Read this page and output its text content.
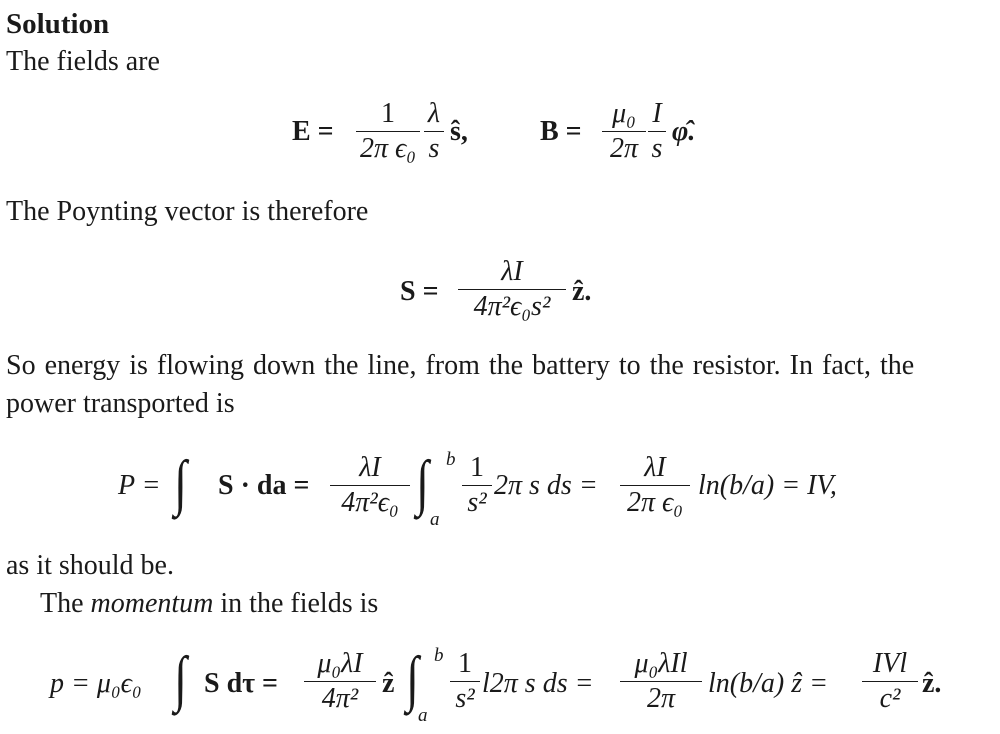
Solution
The fields are
E =
1
2π ϵ₀
λ
s
ŝ,	B =
μ₀
2π
I
s
φ̂.
The Poynting vector is therefore
S =
λI
4π²ϵ₀s² ẑ.
So energy is flowing down the line, from the battery to the resistor. In fact, the
power transported is
P = ∫ S · da =
λI
4π²ϵ₀ ∫ b
a
1
s²
2π s ds =
λI
2π ϵ₀
ln(b/a) = IV,
as it should be.
The momentum in the fields is
p = μ₀ϵ₀ ∫ S dτ =
μ₀λI
4π² ẑ ∫ b
a
1
s² l2π s ds =
μ₀λIl
2π	ln(b/a) ẑ =
IVl
c² ẑ.
